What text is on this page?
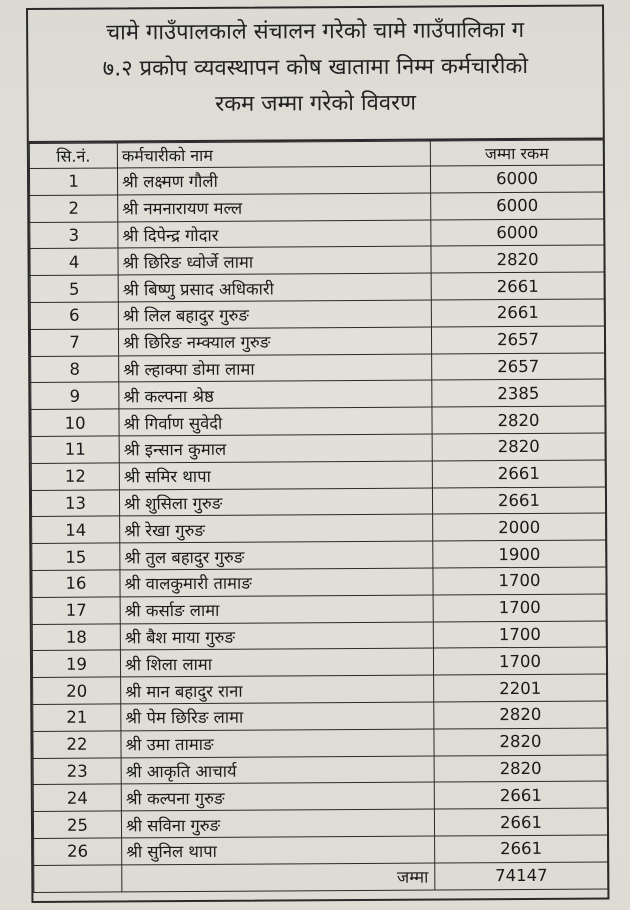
चामे गाउँपालकाले संचालन गरेको चामे गाउँपालिका ग
७.२ प्रकोप व्यवस्थापन कोष खातामा निम्म कर्मचारीको
रकम जम्मा गरेको विवरण
सि.नं.	कर्मचारीको नाम	जम्मा रकम
1	श्री लक्ष्मण गौली	6000
2	श्री नमनारायण मल्ल	6000
3	श्री दिपेन्द्र गोदार	6000
4	श्री छिरिङ ध्वोर्जे लामा	2820
5	श्री बिष्णु प्रसाद अधिकारी	2661
6	श्री लिल बहादुर गुरुङ	2661
7	श्री छिरिङ नम्क्याल गुरुङ	2657
8	श्री ल्हाक्पा डोमा लामा	2657
9	श्री कल्पना श्रेष्ठ	2385
10	श्री गिर्वाण सुवेदी	2820
11	श्री इन्सान कुमाल	2820
12	श्री समिर थापा	2661
13	श्री शुसिला गुरुङ	2661
14	श्री रेखा गुरुङ	2000
15	श्री तुल बहादुर गुरुङ	1900
16	श्री वालकुमारी तामाङ	1700
17	श्री कर्साङ लामा	1700
18	श्री बैश माया गुरुङ	1700
19	श्री शिला लामा	1700
20	श्री मान बहादुर राना	2201
21	श्री पेम छिरिङ लामा	2820
22	श्री उमा तामाङ	2820
23	श्री आकृति आचार्य	2820
24	श्री कल्पना गुरुङ	2661
25	श्री सविना गुरुङ	2661
26	श्री सुनिल थापा	2661
	जम्मा	74147
